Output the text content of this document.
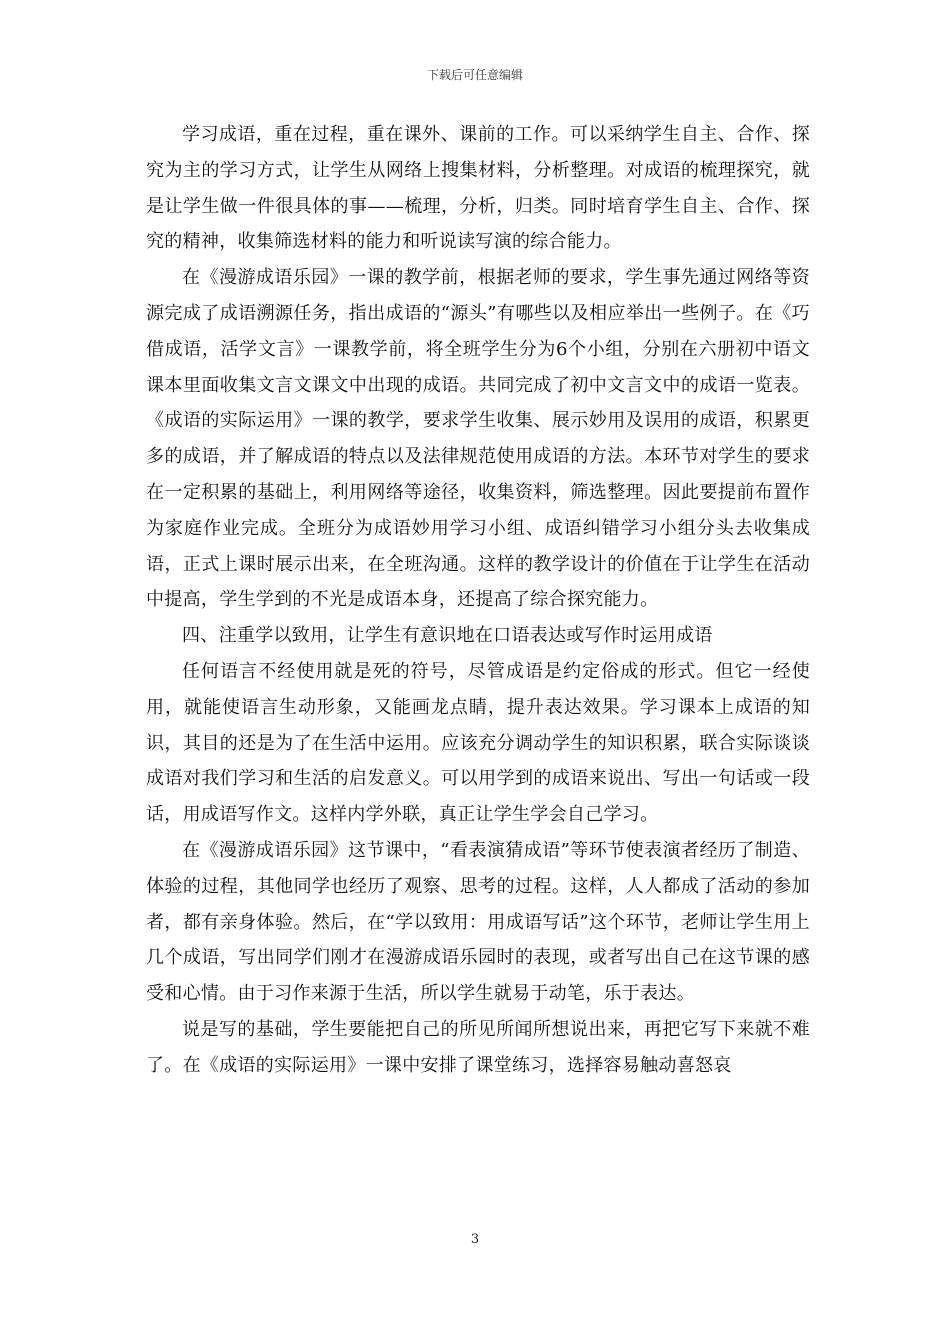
下载后可任意编辑

学习成语，重在过程，重在课外、课前的工作。可以采纳学生自主、合作、探究为主的学习方式，让学生从网络上搜集材料，分析整理。对成语的梳理探究，就是让学生做一件很具体的事——梳理，分析，归类。同时培育学生自主、合作、探究的精神，收集筛选材料的能力和听说读写演的综合能力。

在《漫游成语乐园》一课的教学前，根据老师的要求，学生事先通过网络等资源完成了成语溯源任务，指出成语的“源头”有哪些以及相应举出一些例子。在《巧借成语，活学文言》一课教学前，将全班学生分为6个小组，分别在六册初中语文课本里面收集文言文课文中出现的成语。共同完成了初中文言文中的成语一览表。《成语的实际运用》一课的教学，要求学生收集、展示妙用及误用的成语，积累更多的成语，并了解成语的特点以及法律规范使用成语的方法。本环节对学生的要求在一定积累的基础上，利用网络等途径，收集资料，筛选整理。因此要提前布置作为家庭作业完成。全班分为成语妙用学习小组、成语纠错学习小组分头去收集成语，正式上课时展示出来，在全班沟通。这样的教学设计的价值在于让学生在活动中提高，学生学到的不光是成语本身，还提高了综合探究能力。

四、注重学以致用，让学生有意识地在口语表达或写作时运用成语

任何语言不经使用就是死的符号，尽管成语是约定俗成的形式。但它一经使用，就能使语言生动形象，又能画龙点睛，提升表达效果。学习课本上成语的知识，其目的还是为了在生活中运用。应该充分调动学生的知识积累，联合实际谈谈成语对我们学习和生活的启发意义。可以用学到的成语来说出、写出一句话或一段话，用成语写作文。这样内学外联，真正让学生学会自己学习。

在《漫游成语乐园》这节课中，“看表演猜成语”等环节使表演者经历了制造、体验的过程，其他同学也经历了观察、思考的过程。这样，人人都成了活动的参加者，都有亲身体验。然后，在“学以致用：用成语写话”这个环节，老师让学生用上几个成语，写出同学们刚才在漫游成语乐园时的表现，或者写出自己在这节课的感受和心情。由于习作来源于生活，所以学生就易于动笔，乐于表达。

说是写的基础，学生要能把自己的所见所闻所想说出来，再把它写下来就不难了。在《成语的实际运用》一课中安排了课堂练习，选择容易触动喜怒哀

3
